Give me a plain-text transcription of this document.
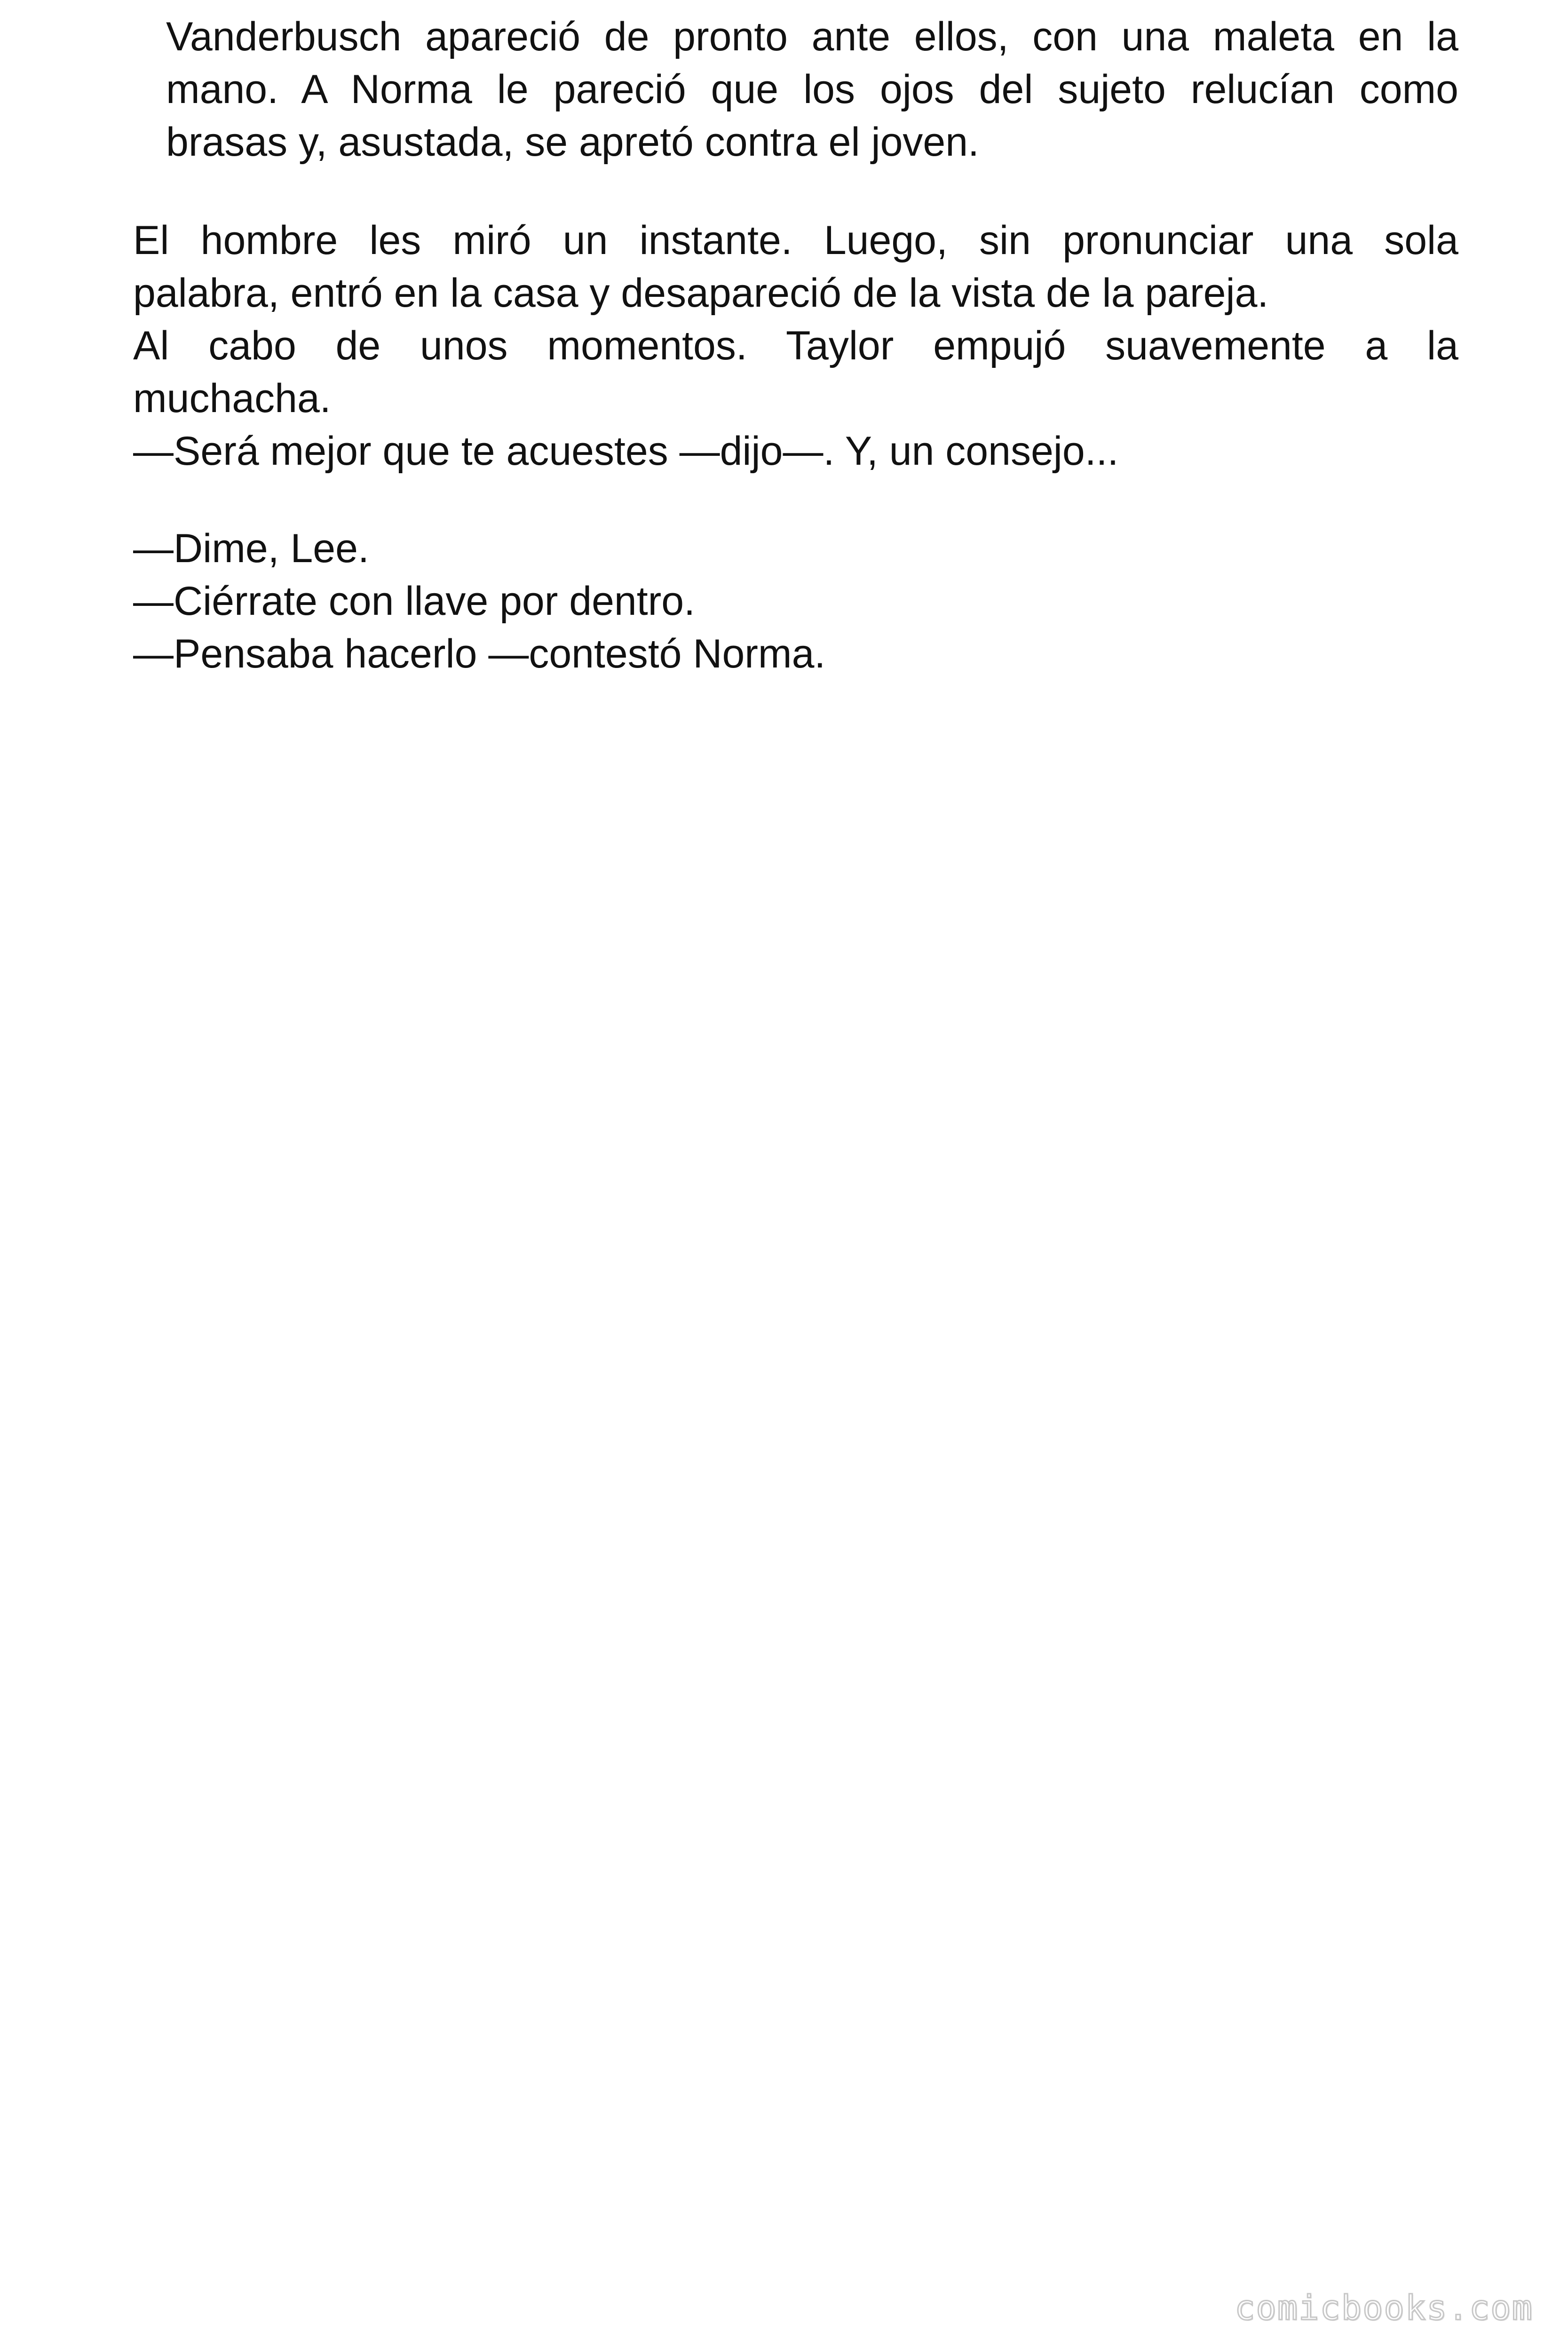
Vanderbusch apareció de pronto ante ellos, con una maleta en la
mano. A Norma le pareció que los ojos del sujeto relucían como
brasas y, asustada, se apretó contra el joven.
El hombre les miró un instante. Luego, sin pronunciar una sola
palabra, entró en la casa y desapareció de la vista de la pareja.
Al cabo de unos momentos. Taylor empujó suavemente a la
muchacha.
—Será mejor que te acuestes —dijo—. Y, un consejo...

—Dime, Lee.

—Ciérrate con llave por dentro.

—Pensaba hacerlo —contestó Norma.

comicbooks.com
